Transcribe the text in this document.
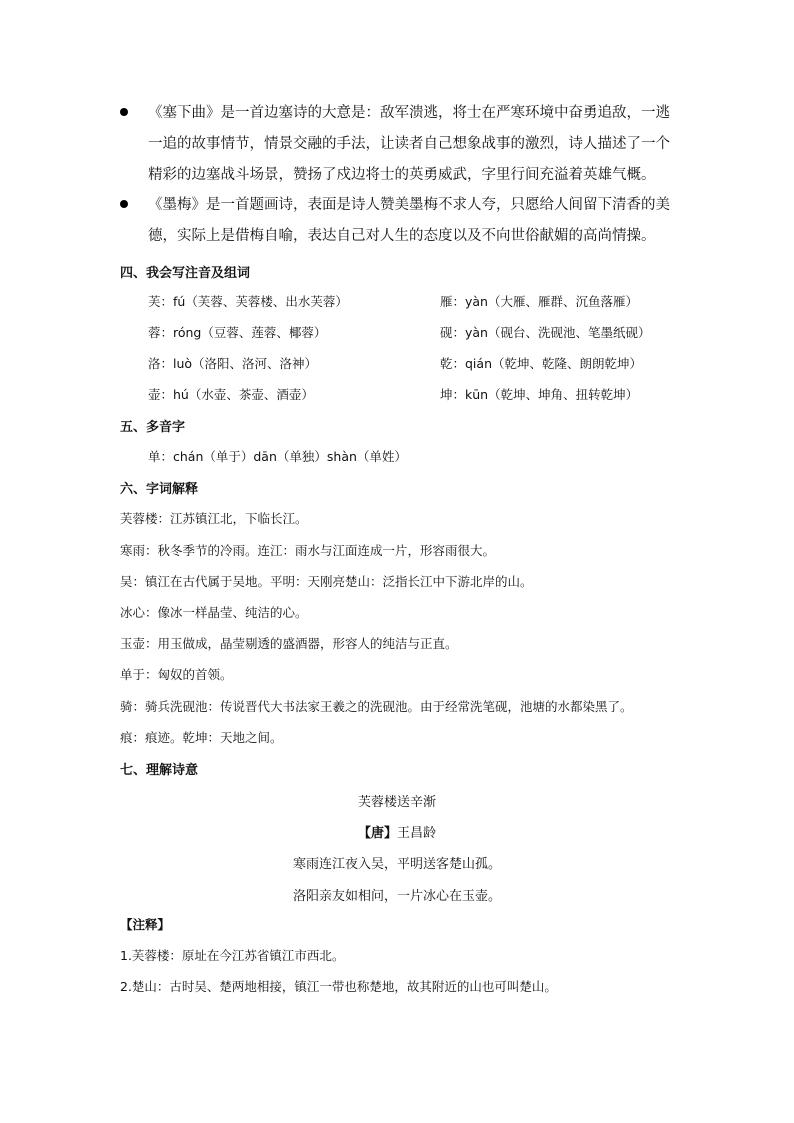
《塞下曲》是一首边塞诗的大意是：敌军溃逃，将士在严寒环境中奋勇追敌，一逃
一追的故事情节，情景交融的手法，让读者自己想象战事的激烈，诗人描述了一个
精彩的边塞战斗场景，赞扬了戍边将士的英勇威武，字里行间充溢着英雄气概。
《墨梅》是一首题画诗，表面是诗人赞美墨梅不求人夸，只愿给人间留下清香的美
德，实际上是借梅自喻，表达自己对人生的态度以及不向世俗献媚的高尚情操。
四、我会写注音及组词
芙：fú（芙蓉、芙蓉楼、出水芙蓉）
蓉：róng（豆蓉、莲蓉、椰蓉）
洛：luò（洛阳、洛河、洛神）
壶：hú（水壶、茶壶、酒壶）
雁：yàn（大雁、雁群、沉鱼落雁）
砚：yàn（砚台、洗砚池、笔墨纸砚）
乾：qián（乾坤、乾隆、朗朗乾坤）
坤：kūn（乾坤、坤角、扭转乾坤）
五、多音字
单：chán（单于）dān（单独）shàn（单姓）
六、字词解释
芙蓉楼：江苏镇江北，下临长江。
寒雨：秋冬季节的冷雨。连江：雨水与江面连成一片，形容雨很大。
吴：镇江在古代属于吴地。平明：天刚亮楚山：泛指长江中下游北岸的山。
冰心：像冰一样晶莹、纯洁的心。
玉壶：用玉做成，晶莹剔透的盛酒器，形容人的纯洁与正直。
单于：匈奴的首领。
骑：骑兵洗砚池：传说晋代大书法家王羲之的洗砚池。由于经常洗笔砚，池塘的水都染黑了。
痕：痕迹。乾坤：天地之间。
七、理解诗意
芙蓉楼送辛渐
【唐】王昌龄
寒雨连江夜入吴，平明送客楚山孤。
洛阳亲友如相问，一片冰心在玉壶。
【注释】
1.芙蓉楼：原址在今江苏省镇江市西北。
2.楚山：古时吴、楚两地相接，镇江一带也称楚地，故其附近的山也可叫楚山。
